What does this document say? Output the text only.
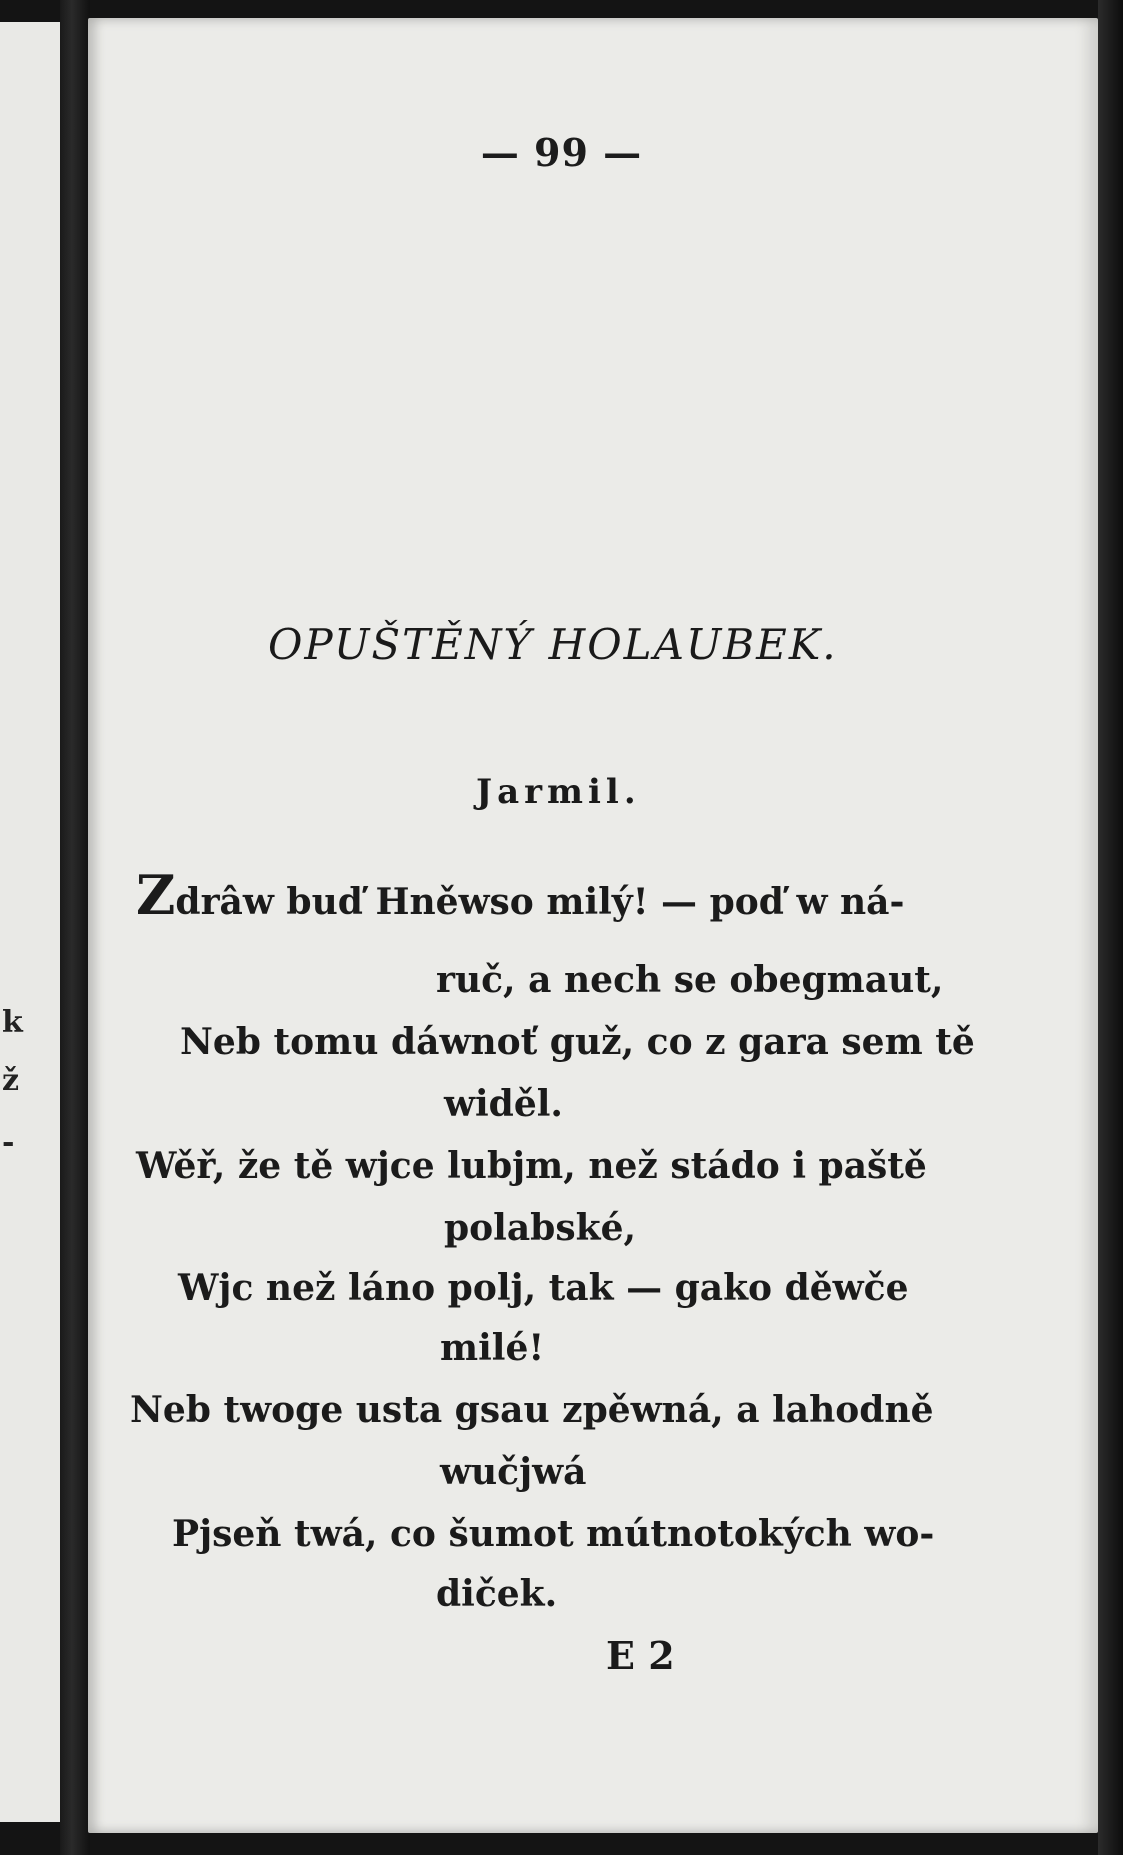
k
ž
-
— 99 —
OPUŠTĚNÝ HOLAUBEK.
Jarmil.
Zdrâw buď Hněwso milý! — poď w ná-
ruč, a nech se obegmaut,
Neb tomu dáwnoť guž, co z gara sem tě
widěl.
Wěř, že tě wjce lubjm, než stádo i paště
polabské,
Wjc než láno polj, tak — gako děwče
milé!
Neb twoge usta gsau zpěwná, a lahodně
wučjwá
Pjseň twá, co šumot mútnotokých wo-
diček.
E 2
